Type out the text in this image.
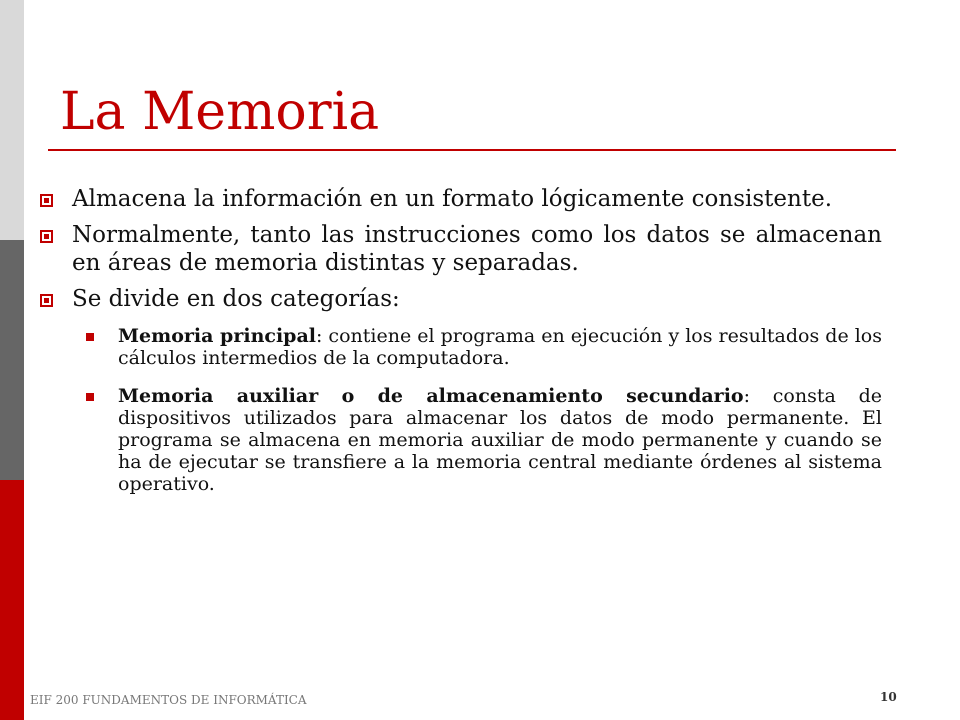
La Memoria
Almacena la información en un formato lógicamente consistente.
Normalmente, tanto las instrucciones como los datos se almacenan en áreas de memoria distintas y separadas.
Se divide en dos categorías:
Memoria principal: contiene el programa en ejecución y los resultados de los cálculos intermedios de la computadora.
Memoria auxiliar o de almacenamiento secundario: consta de dispositivos utilizados para almacenar los datos de modo permanente. El programa se almacena en memoria auxiliar de modo permanente y cuando se ha de ejecutar se transfiere a la memoria central mediante órdenes al sistema operativo.
EIF 200 FUNDAMENTOS DE INFORMÁTICA	10
